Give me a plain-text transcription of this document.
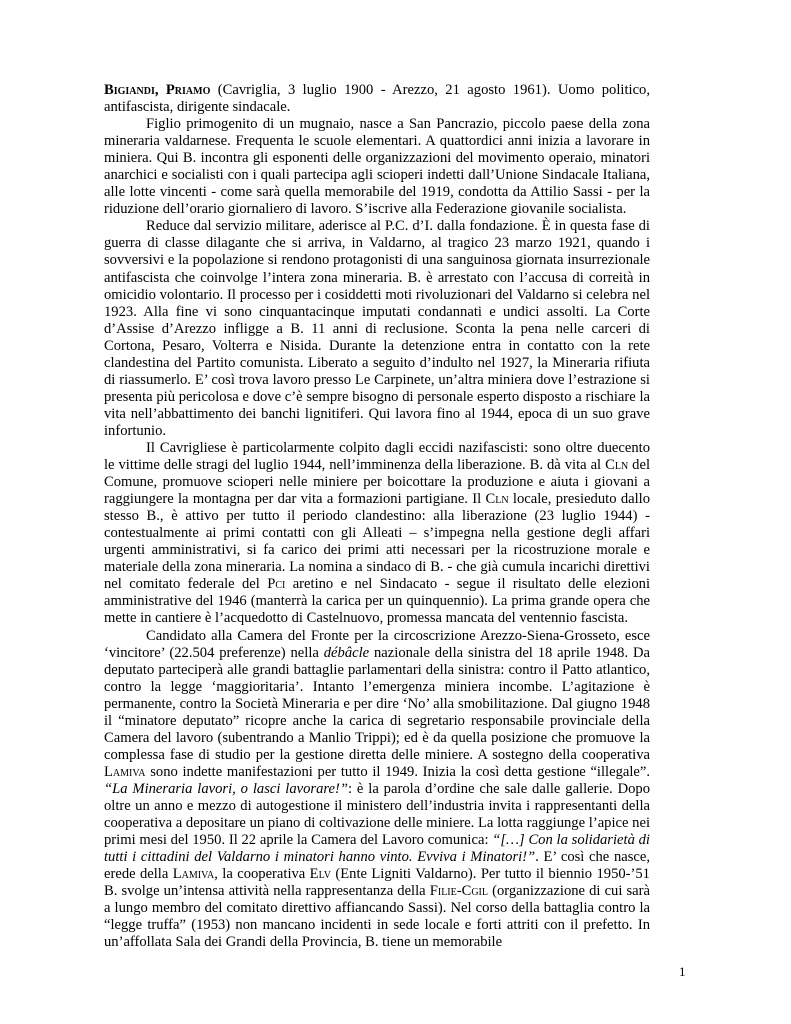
Bigiandi, Priamo (Cavriglia, 3 luglio 1900 - Arezzo, 21 agosto 1961). Uomo politico, antifascista, dirigente sindacale.

Figlio primogenito di un mugnaio, nasce a San Pancrazio, piccolo paese della zona mineraria valdarnese. Frequenta le scuole elementari. A quattordici anni inizia a lavorare in miniera. Qui B. incontra gli esponenti delle organizzazioni del movimento operaio, minatori anarchici e socialisti con i quali partecipa agli scioperi indetti dall’Unione Sindacale Italiana, alle lotte vincenti - come sarà quella memorabile del 1919, condotta da Attilio Sassi - per la riduzione dell’orario giornaliero di lavoro. S’iscrive alla Federazione giovanile socialista.

Reduce dal servizio militare, aderisce al P.C. d’I. dalla fondazione. È in questa fase di guerra di classe dilagante che si arriva, in Valdarno, al tragico 23 marzo 1921, quando i sovversivi e la popolazione si rendono protagonisti di una sanguinosa giornata insurrezionale antifascista che coinvolge l’intera zona mineraria. B. è arrestato con l’accusa di correità in omicidio volontario. Il processo per i cosiddetti moti rivoluzionari del Valdarno si celebra nel 1923. Alla fine vi sono cinquantacinque imputati condannati e undici assolti. La Corte d’Assise d’Arezzo infligge a B. 11 anni di reclusione. Sconta la pena nelle carceri di Cortona, Pesaro, Volterra e Nisida. Durante la detenzione entra in contatto con la rete clandestina del Partito comunista. Liberato a seguito d’indulto nel 1927, la Mineraria rifiuta di riassumerlo. E’ così trova lavoro presso Le Carpinete, un’altra miniera dove l’estrazione si presenta più pericolosa e dove c’è sempre bisogno di personale esperto disposto a rischiare la vita nell’abbattimento dei banchi lignitiferi. Qui lavora fino al 1944, epoca di un suo grave infortunio.

Il Cavrigliese è particolarmente colpito dagli eccidi nazifascisti: sono oltre duecento le vittime delle stragi del luglio 1944, nell’imminenza della liberazione. B. dà vita al Cln del Comune, promuove scioperi nelle miniere per boicottare la produzione e aiuta i giovani a raggiungere la montagna per dar vita a formazioni partigiane. Il Cln locale, presieduto dallo stesso B., è attivo per tutto il periodo clandestino: alla liberazione (23 luglio 1944) - contestualmente ai primi contatti con gli Alleati – s’impegna nella gestione degli affari urgenti amministrativi, si fa carico dei primi atti necessari per la ricostruzione morale e materiale della zona mineraria. La nomina a sindaco di B. - che già cumula incarichi direttivi nel comitato federale del Pci aretino e nel Sindacato - segue il risultato delle elezioni amministrative del 1946 (manterrà la carica per un quinquennio). La prima grande opera che mette in cantiere è l’acquedotto di Castelnuovo, promessa mancata del ventennio fascista.

Candidato alla Camera del Fronte per la circoscrizione Arezzo-Siena-Grosseto, esce ‘vincitore’ (22.504 preferenze) nella débâcle nazionale della sinistra del 18 aprile 1948. Da deputato parteciperà alle grandi battaglie parlamentari della sinistra: contro il Patto atlantico, contro la legge ‘maggioritaria’. Intanto l’emergenza miniera incombe. L’agitazione è permanente, contro la Società Mineraria e per dire ‘No’ alla smobilitazione. Dal giugno 1948 il “minatore deputato” ricopre anche la carica di segretario responsabile provinciale della Camera del lavoro (subentrando a Manlio Trippi); ed è da quella posizione che promuove la complessa fase di studio per la gestione diretta delle miniere. A sostegno della cooperativa Lamiva sono indette manifestazioni per tutto il 1949. Inizia la così detta gestione “illegale”. “La Mineraria lavori, o lasci lavorare!”: è la parola d’ordine che sale dalle gallerie. Dopo oltre un anno e mezzo di autogestione il ministero dell’industria invita i rappresentanti della cooperativa a depositare un piano di coltivazione delle miniere. La lotta raggiunge l’apice nei primi mesi del 1950. Il 22 aprile la Camera del Lavoro comunica: “[…] Con la solidarietà di tutti i cittadini del Valdarno i minatori hanno vinto. Evviva i Minatori!”. E’ così che nasce, erede della Lamiva, la cooperativa Elv (Ente Ligniti Valdarno). Per tutto il biennio 1950-’51 B. svolge un’intensa attività nella rappresentanza della Filie-Cgil (organizzazione di cui sarà a lungo membro del comitato direttivo affiancando Sassi). Nel corso della battaglia contro la “legge truffa” (1953) non mancano incidenti in sede locale e forti attriti con il prefetto. In un’affollata Sala dei Grandi della Provincia, B. tiene un memorabile

1
